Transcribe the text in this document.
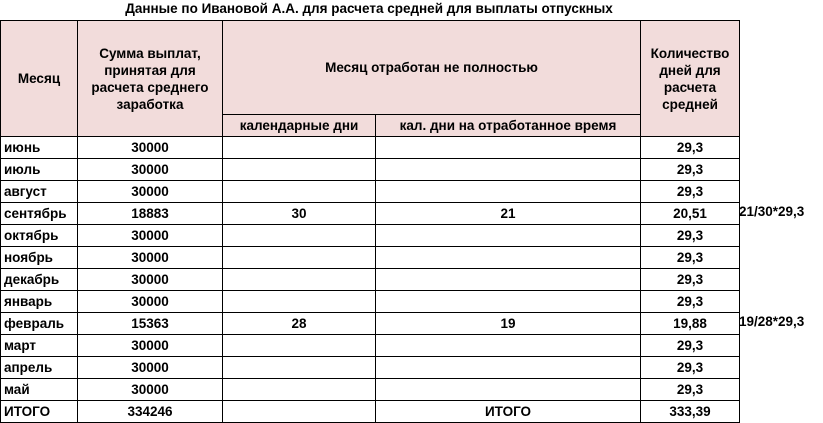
Данные по Ивановой А.А. для расчета средней для выплаты отпускных
Месяц	Сумма выплат, принятая для расчета среднего заработка	Месяц отработан не полностью		Количество дней для расчета средней
		календарные дни	кал. дни на отработанное время	
июнь	30000			29,3
июль	30000			29,3
август	30000			29,3
сентябрь	18883	30	21	20,51
октябрь	30000			29,3
ноябрь	30000			29,3
декабрь	30000			29,3
январь	30000			29,3
февраль	15363	28	19	19,88
март	30000			29,3
апрель	30000			29,3
май	30000			29,3
ИТОГО	334246		ИТОГО	333,39
21/30*29,3
19/28*29,3
